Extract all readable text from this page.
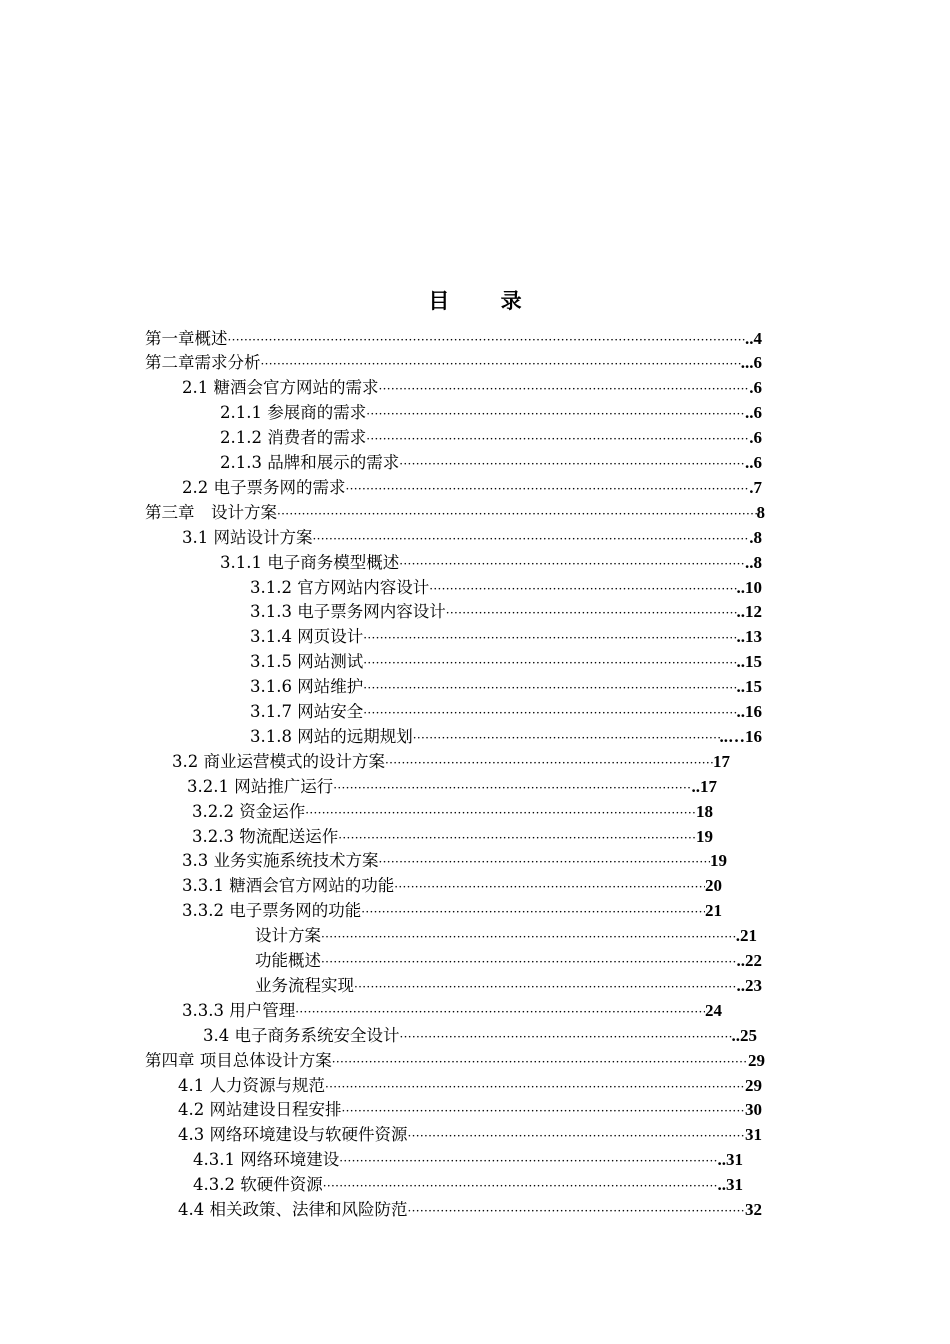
目 录
第一章概述 ·····	..4
第二章需求分析 ·····	...6
2.1 糖酒会官方网站的需求 ·····	.6
2.1.1 参展商的需求 ·····	..6
2.1.2 消费者的需求 ·····	.6
2.1.3 品牌和展示的需求 ·····	..6
2.2 电子票务网的需求 ·····	.7
第三章　设计方案 ·····	8
3.1 网站设计方案 ·····	.8
3.1.1 电子商务模型概述 ·····	..8
3.1.2 官方网站内容设计 ·····	..10
3.1.3 电子票务网内容设计 ·····	..12
3.1.4 网页设计 ·····	..13
3.1.5 网站测试 ·····	..15
3.1.6 网站维护 ·····	..15
3.1.7 网站安全 ·····	..16
3.1.8 网站的远期规划 ·····	..…16
3.2 商业运营模式的设计方案 ·····	17
3.2.1 网站推广运行 ·····	..17
3.2.2 资金运作 ·····	18
3.2.3 物流配送运作 ·····	19
3.3 业务实施系统技术方案 ·····	19
3.3.1 糖酒会官方网站的功能 ·····	20
3.3.2 电子票务网的功能 ·····	21
设计方案 ·····	.21
功能概述 ·····	..22
业务流程实现 ·····	..23
3.3.3 用户管理 ·····	24
3.4 电子商务系统安全设计 ·····	..25
第四章 项目总体设计方案 ·····	29
4.1 人力资源与规范 ·····	29
4.2 网站建设日程安排 ·····	30
4.3 网络环境建设与软硬件资源 ·····	31
4.3.1 网络环境建设 ·····	..31
4.3.2 软硬件资源 ·····	..31
4.4 相关政策、法律和风险防范 ·····	32
